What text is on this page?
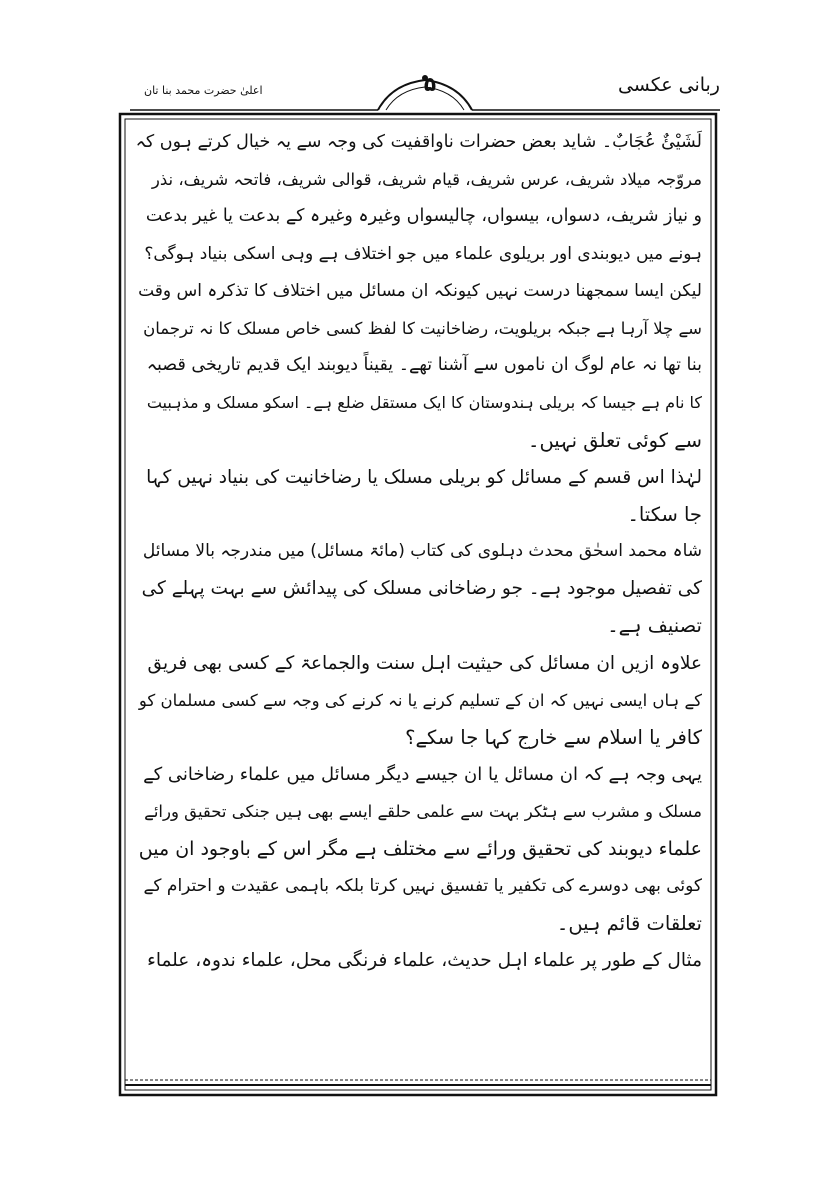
ربانی عکسی
اعلیٰ حضرت محمد بنا تان	۵
لَشَیْئٌ عُجَابٌ۔ شاید بعض حضرات ناواقفیت کی وجہ سے یہ خیال کرتے ہوں کہ
مروّجہ میلاد شریف، عرس شریف، قیام شریف، قوالی شریف، فاتحہ شریف، نذر
و نیاز شریف، دسواں، بیسواں، چالیسواں وغیرہ وغیرہ کے بدعت یا غیر بدعت
ہونے میں دیوبندی اور بریلوی علماء میں جو اختلاف ہے وہی اسکی بنیاد ہوگی؟
لیکن ایسا سمجھنا درست نہیں کیونکہ ان مسائل میں اختلاف کا تذکرہ اس وقت
سے چلا آرہا ہے جبکہ بریلویت، رضاخانیت کا لفظ کسی خاص مسلک کا نہ ترجمان
بنا تھا نہ عام لوگ ان ناموں سے آشنا تھے۔ یقیناً دیوبند ایک قدیم تاریخی قصبہ
کا نام ہے جیسا کہ بریلی ہندوستان کا ایک مستقل ضلع ہے۔ اسکو مسلک و مذہبیت
سے کوئی تعلق نہیں۔
لہٰذا اس قسم کے مسائل کو بریلی مسلک یا رضاخانیت کی بنیاد نہیں کہا
جا سکتا۔
شاہ محمد اسحٰق محدث دہلوی کی کتاب (مائۃ مسائل) میں مندرجہ بالا مسائل
کی تفصیل موجود ہے۔ جو رضاخانی مسلک کی پیدائش سے بہت پہلے کی
تصنیف ہے۔
علاوہ ازیں ان مسائل کی حیثیت اہل سنت والجماعۃ کے کسی بھی فریق
کے ہاں ایسی نہیں کہ ان کے تسلیم کرنے یا نہ کرنے کی وجہ سے کسی مسلمان کو
کافر یا اسلام سے خارج کہا جا سکے؟
یہی وجہ ہے کہ ان مسائل یا ان جیسے دیگر مسائل میں علماء رضاخانی کے
مسلک و مشرب سے ہٹکر بہت سے علمی حلقے ایسے بھی ہیں جنکی تحقیق ورائے
علماء دیوبند کی تحقیق ورائے سے مختلف ہے مگر اس کے باوجود ان میں
کوئی بھی دوسرے کی تکفیر یا تفسیق نہیں کرتا بلکہ باہمی عقیدت و احترام کے
تعلقات قائم ہیں۔
مثال کے طور پر علماء اہل حدیث، علماء فرنگی محل، علماء ندوہ، علماء
